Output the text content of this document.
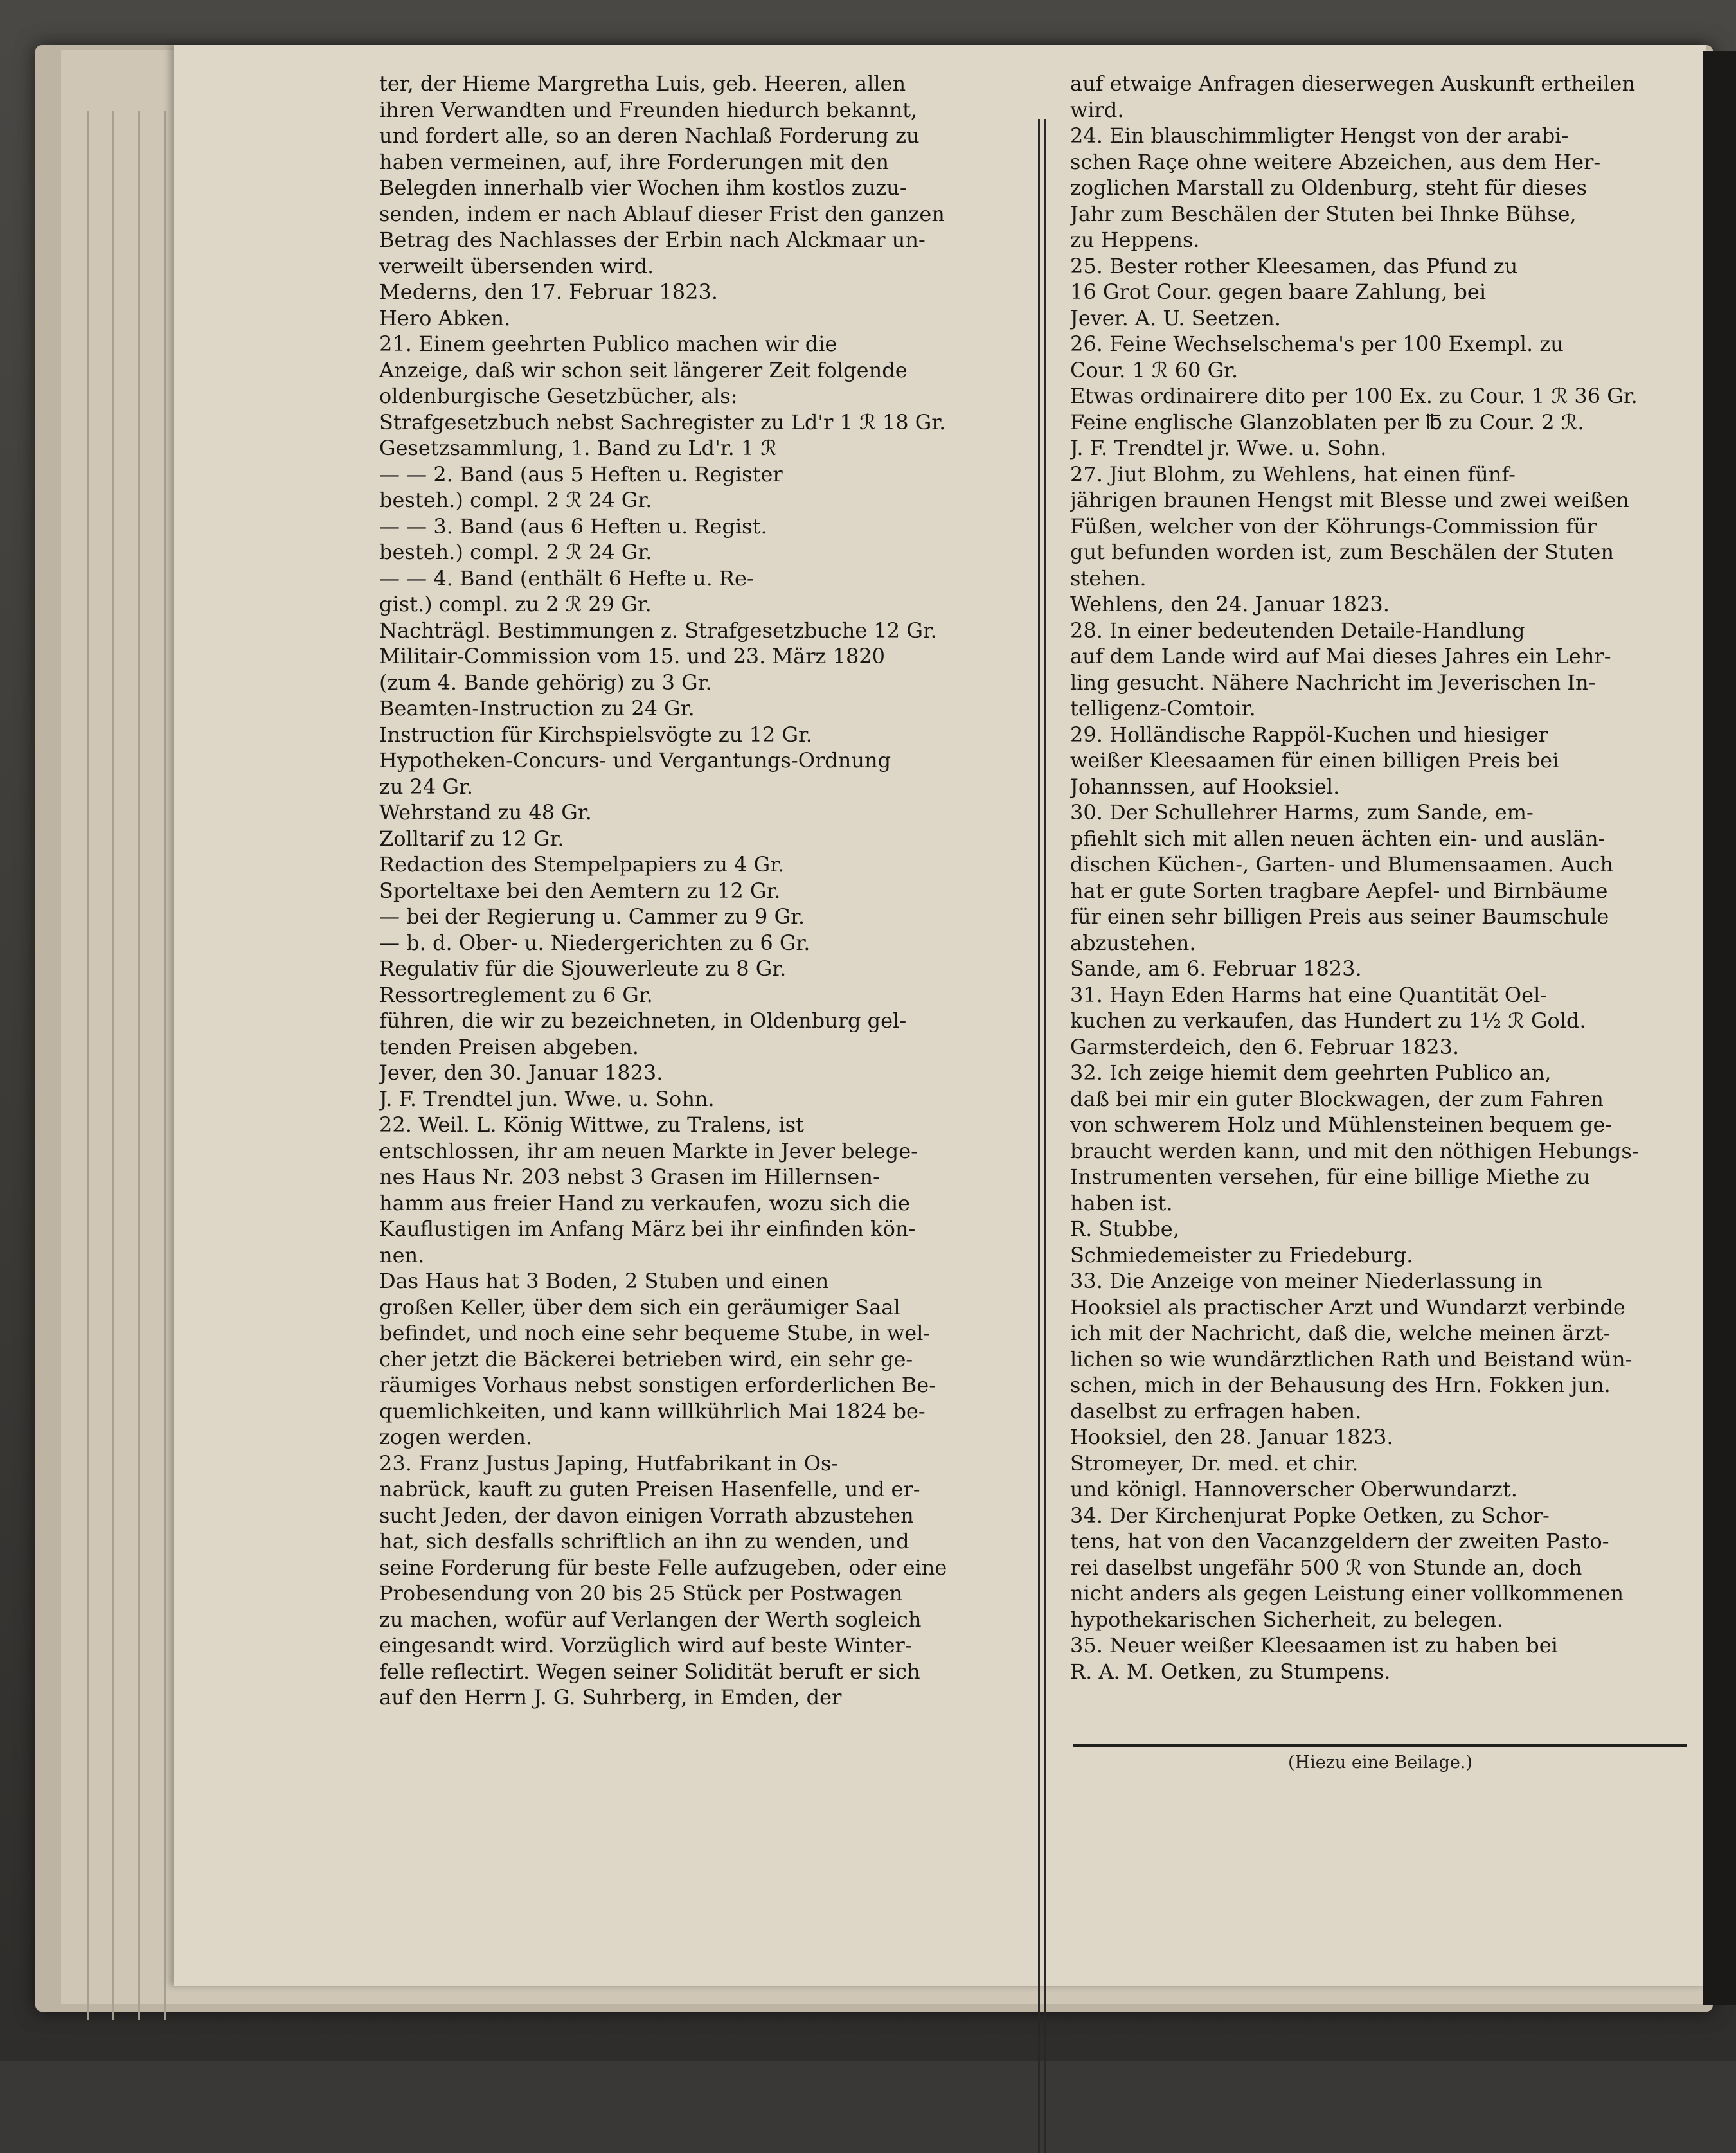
ter, der Hieme Margretha Luis, geb. Heeren, allen
ihren Verwandten und Freunden hiedurch bekannt,
und fordert alle, so an deren Nachlaß Forderung zu
haben vermeinen, auf, ihre Forderungen mit den
Belegden innerhalb vier Wochen ihm kostlos zuzu-
senden, indem er nach Ablauf dieser Frist den ganzen
Betrag des Nachlasses der Erbin nach Alckmaar un-
verweilt übersenden wird.
Mederns, den 17. Februar 1823.
Hero Abken.
21. Einem geehrten Publico machen wir die
Anzeige, daß wir schon seit längerer Zeit folgende
oldenburgische Gesetzbücher, als:
Strafgesetzbuch nebst Sachregister zu Ld'r 1 ℛ 18 Gr.
Gesetzsammlung, 1. Band zu Ld'r. 1 ℛ
— — 2. Band (aus 5 Heften u. Register
besteh.) compl. 2 ℛ 24 Gr.
— — 3. Band (aus 6 Heften u. Regist.
besteh.) compl. 2 ℛ 24 Gr.
— — 4. Band (enthält 6 Hefte u. Re-
gist.) compl. zu 2 ℛ 29 Gr.
Nachträgl. Bestimmungen z. Strafgesetzbuche 12 Gr.
Militair-Commission vom 15. und 23. März 1820
(zum 4. Bande gehörig) zu 3 Gr.
Beamten-Instruction zu 24 Gr.
Instruction für Kirchspielsvögte zu 12 Gr.
Hypotheken-Concurs- und Vergantungs-Ordnung
zu 24 Gr.
Wehrstand zu 48 Gr.
Zolltarif zu 12 Gr.
Redaction des Stempelpapiers zu 4 Gr.
Sporteltaxe bei den Aemtern zu 12 Gr.
— bei der Regierung u. Cammer zu 9 Gr.
— b. d. Ober- u. Niedergerichten zu 6 Gr.
Regulativ für die Sjouwerleute zu 8 Gr.
Ressortreglement zu 6 Gr.
führen, die wir zu bezeichneten, in Oldenburg gel-
tenden Preisen abgeben.
Jever, den 30. Januar 1823.
J. F. Trendtel jun. Wwe. u. Sohn.
22. Weil. L. König Wittwe, zu Tralens, ist
entschlossen, ihr am neuen Markte in Jever belege-
nes Haus Nr. 203 nebst 3 Grasen im Hillernsen-
hamm aus freier Hand zu verkaufen, wozu sich die
Kauflustigen im Anfang März bei ihr einfinden kön-
nen.
Das Haus hat 3 Boden, 2 Stuben und einen
großen Keller, über dem sich ein geräumiger Saal
befindet, und noch eine sehr bequeme Stube, in wel-
cher jetzt die Bäckerei betrieben wird, ein sehr ge-
räumiges Vorhaus nebst sonstigen erforderlichen Be-
quemlichkeiten, und kann willkührlich Mai 1824 be-
zogen werden.
23. Franz Justus Japing, Hutfabrikant in Os-
nabrück, kauft zu guten Preisen Hasenfelle, und er-
sucht Jeden, der davon einigen Vorrath abzustehen
hat, sich desfalls schriftlich an ihn zu wenden, und
seine Forderung für beste Felle aufzugeben, oder eine
Probesendung von 20 bis 25 Stück per Postwagen
zu machen, wofür auf Verlangen der Werth sogleich
eingesandt wird. Vorzüglich wird auf beste Winter-
felle reflectirt. Wegen seiner Solidität beruft er sich
auf den Herrn J. G. Suhrberg, in Emden, der
auf etwaige Anfragen dieserwegen Auskunft ertheilen
wird.
24. Ein blauschimmligter Hengst von der arabi-
schen Raçe ohne weitere Abzeichen, aus dem Her-
zoglichen Marstall zu Oldenburg, steht für dieses
Jahr zum Beschälen der Stuten bei Ihnke Bühse,
zu Heppens.
25. Bester rother Kleesamen, das Pfund zu
16 Grot Cour. gegen baare Zahlung, bei
Jever. A. U. Seetzen.
26. Feine Wechselschema's per 100 Exempl. zu
Cour. 1 ℛ 60 Gr.
Etwas ordinairere dito per 100 Ex. zu Cour. 1 ℛ 36 Gr.
Feine englische Glanzoblaten per ℔ zu Cour. 2 ℛ.
J. F. Trendtel jr. Wwe. u. Sohn.
27. Jiut Blohm, zu Wehlens, hat einen fünf-
jährigen braunen Hengst mit Blesse und zwei weißen
Füßen, welcher von der Köhrungs-Commission für
gut befunden worden ist, zum Beschälen der Stuten
stehen.
Wehlens, den 24. Januar 1823.
28. In einer bedeutenden Detaile-Handlung
auf dem Lande wird auf Mai dieses Jahres ein Lehr-
ling gesucht. Nähere Nachricht im Jeverischen In-
telligenz-Comtoir.
29. Holländische Rappöl-Kuchen und hiesiger
weißer Kleesaamen für einen billigen Preis bei
Johannssen, auf Hooksiel.
30. Der Schullehrer Harms, zum Sande, em-
pfiehlt sich mit allen neuen ächten ein- und auslän-
dischen Küchen-, Garten- und Blumensaamen. Auch
hat er gute Sorten tragbare Aepfel- und Birnbäume
für einen sehr billigen Preis aus seiner Baumschule
abzustehen.
Sande, am 6. Februar 1823.
31. Hayn Eden Harms hat eine Quantität Oel-
kuchen zu verkaufen, das Hundert zu 1½ ℛ Gold.
Garmsterdeich, den 6. Februar 1823.
32. Ich zeige hiemit dem geehrten Publico an,
daß bei mir ein guter Blockwagen, der zum Fahren
von schwerem Holz und Mühlensteinen bequem ge-
braucht werden kann, und mit den nöthigen Hebungs-
Instrumenten versehen, für eine billige Miethe zu
haben ist.
R. Stubbe,
Schmiedemeister zu Friedeburg.
33. Die Anzeige von meiner Niederlassung in
Hooksiel als practischer Arzt und Wundarzt verbinde
ich mit der Nachricht, daß die, welche meinen ärzt-
lichen so wie wundärztlichen Rath und Beistand wün-
schen, mich in der Behausung des Hrn. Fokken jun.
daselbst zu erfragen haben.
Hooksiel, den 28. Januar 1823.
Stromeyer, Dr. med. et chir.
und königl. Hannoverscher Oberwundarzt.
34. Der Kirchenjurat Popke Oetken, zu Schor-
tens, hat von den Vacanzgeldern der zweiten Pasto-
rei daselbst ungefähr 500 ℛ von Stunde an, doch
nicht anders als gegen Leistung einer vollkommenen
hypothekarischen Sicherheit, zu belegen.
35. Neuer weißer Kleesaamen ist zu haben bei
R. A. M. Oetken, zu Stumpens.
(Hiezu eine Beilage.)
